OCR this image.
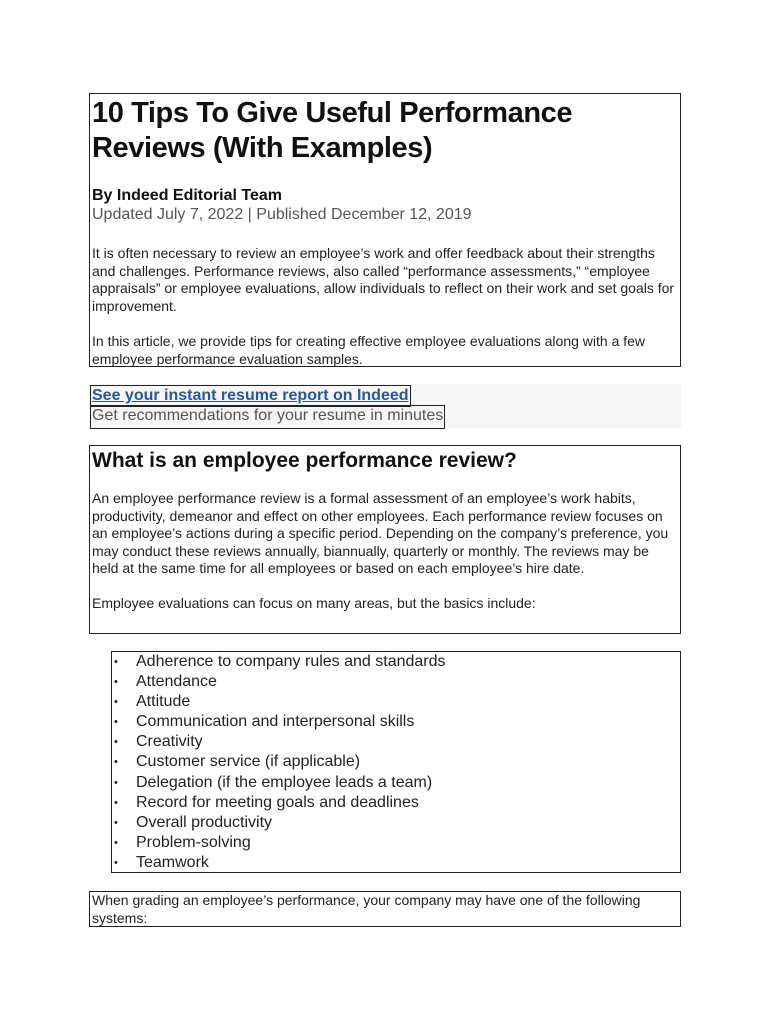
10 Tips To Give Useful Performance Reviews (With Examples)
By Indeed Editorial Team
Updated July 7, 2022 | Published December 12, 2019

It is often necessary to review an employee’s work and offer feedback about their strengths and challenges. Performance reviews, also called “performance assessments,” “employee appraisals” or employee evaluations, allow individuals to reflect on their work and set goals for improvement.

In this article, we provide tips for creating effective employee evaluations along with a few employee performance evaluation samples.

See your instant resume report on Indeed
Get recommendations for your resume in minutes
What is an employee performance review?

An employee performance review is a formal assessment of an employee’s work habits, productivity, demeanor and effect on other employees. Each performance review focuses on an employee’s actions during a specific period. Depending on the company’s preference, you may conduct these reviews annually, biannually, quarterly or monthly. The reviews may be held at the same time for all employees or based on each employee’s hire date.

Employee evaluations can focus on many areas, but the basics include:

• Adherence to company rules and standards
• Attendance
• Attitude
• Communication and interpersonal skills
• Creativity
• Customer service (if applicable)
• Delegation (if the employee leads a team)
• Record for meeting goals and deadlines
• Overall productivity
• Problem-solving
• Teamwork

When grading an employee’s performance, your company may have one of the following systems:
